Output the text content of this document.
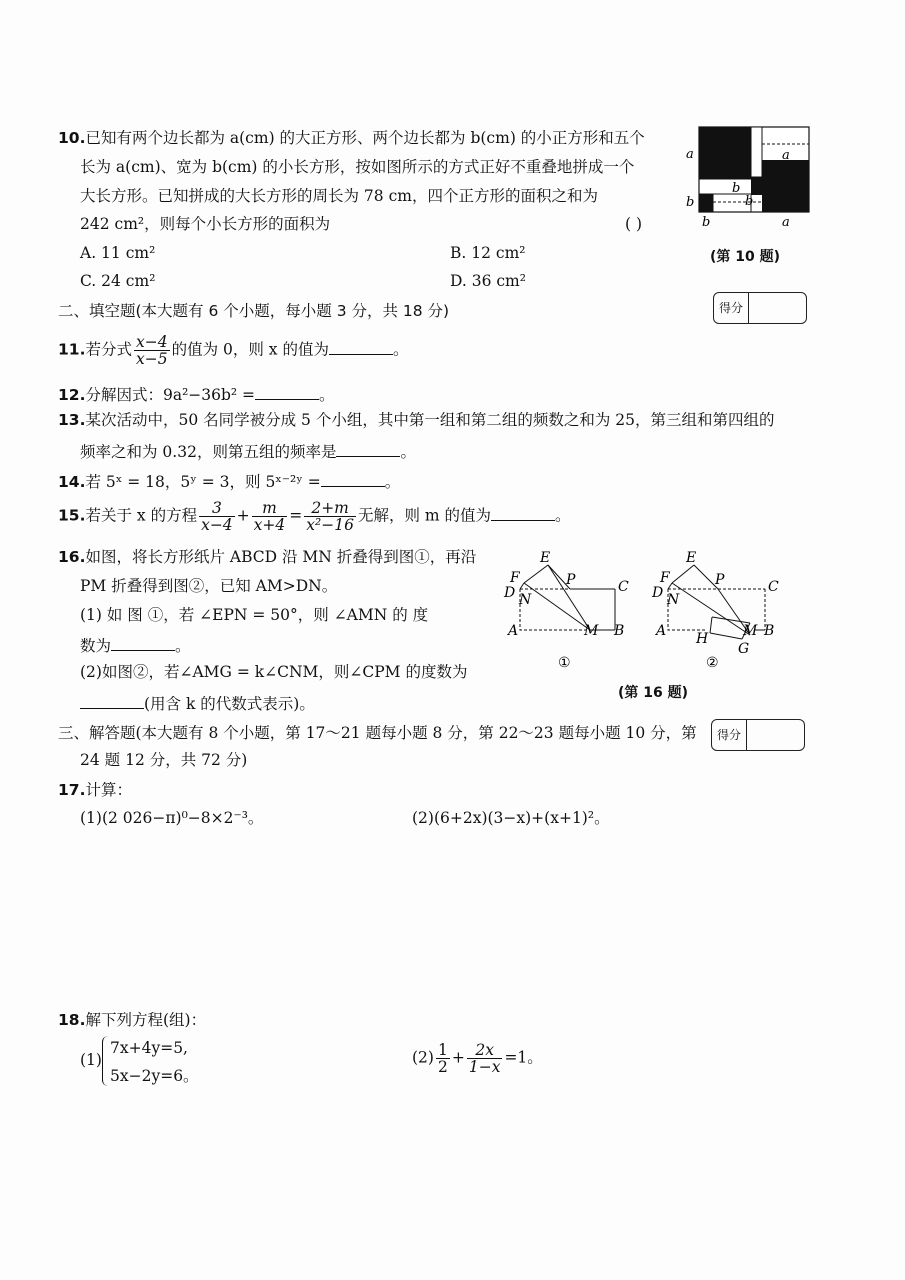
10.已知有两个边长都为 a(cm) 的大正方形、两个边长都为 b(cm) 的小正方形和五个
长为 a(cm)、宽为 b(cm) 的小长方形，按如图所示的方式正好不重叠地拼成一个
大长方形。已知拼成的大长方形的周长为 78 cm，四个正方形的面积之和为
242 cm²，则每个小长方形的面积为	( )
A. 11 cm²	B. 12 cm²
C. 24 cm²	D. 36 cm²
a	a
b
b	b
b	a
(第 10 题)
二、填空题(本大题有 6 个小题，每小题 3 分，共 18 分)	得分
11.若分式 $\frac{x-4}{x-5}$ 的值为 0，则 x 的值为	。
12.分解因式：9a²−36b² =	。
13.某次活动中，50 名同学被分成 5 个小组，其中第一组和第二组的频数之和为 25，第三组和第四组的
频率之和为 0.32，则第五组的频率是	。
14.若 5ˣ = 18，5ʸ = 3，则 5ˣ⁻²ʸ =	。
15.若关于 x 的方程 $\frac{3}{x-4} + \frac{m}{x+4} = \frac{2+m}{\text{x²−16}}$ 无解，则 m 的值为	。
16.如图，将长方形纸片 ABCD 沿 MN 折叠得到图①，再沿
PM 折叠得到图②，已知 AM>DN。
(1) 如 图 ①，若 ∠EPN = 50°，则 ∠AMN 的 度
数为	。
(2)如图②，若∠AMG = k∠CNM，则∠CPM 的度数为
(用含 k 的代数式表示)。
E
F	P	C
D N
A	M B
①
E
F	P	C
D N
A	M B
H
G
②
(第 16 题)
三、解答题(本大题有 8 个小题，第 17～21 题每小题 8 分，第 22～23 题每小题 10 分，第
24 题 12 分，共 72 分)
得分
17.计算：
(1)(2 026−π)⁰−8×2⁻³。	(2)(6+2x)(3−x)+(x+1)²。
18.解下列方程(组)：
(1)
7x+4y=5,
5x−2y=6。
$(2) \frac{1}{2} + \frac{2x}{1-x} =1$。
